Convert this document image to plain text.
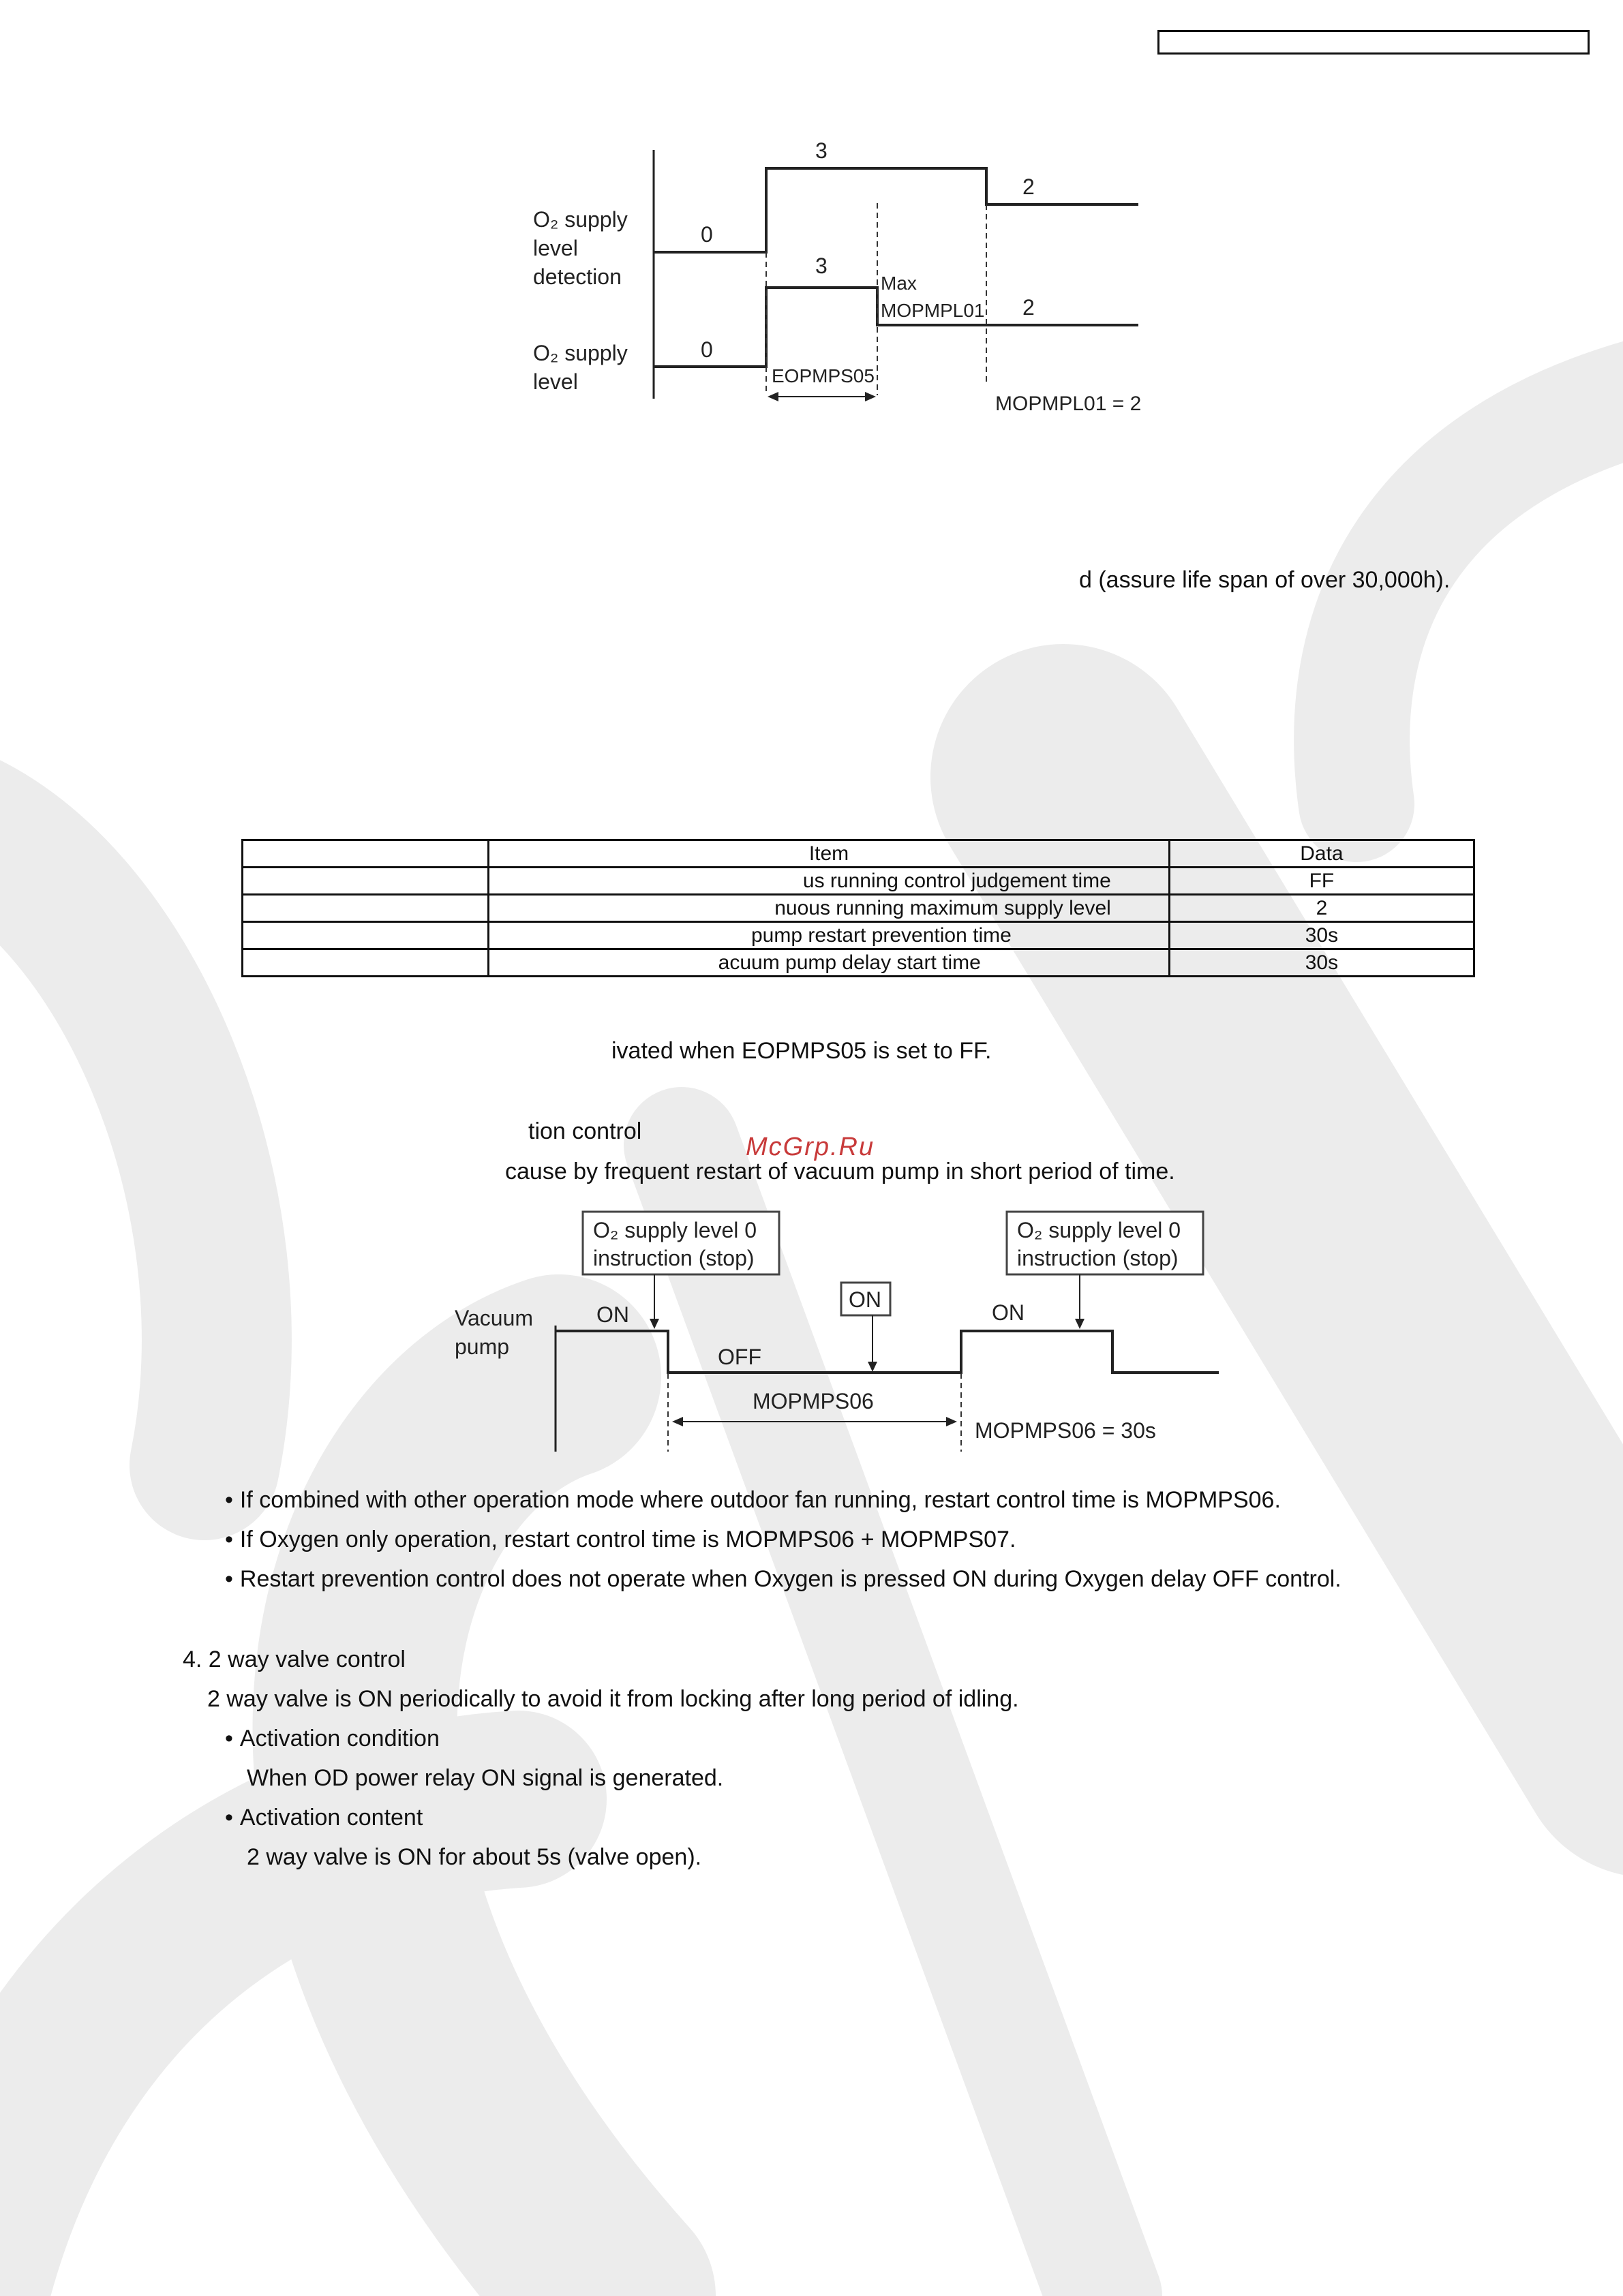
O₂ supply
level
detection
O₂ supply
level
0
3
2
0
3
2
Max
MOPMPL01
EOPMPS05
MOPMPL01 = 2
d (assure life span of over 30,000h).
	Item	Data
	us running control judgement time	FF
	nuous running maximum supply level	2
	pump restart prevention time	30s
	acuum pump delay start time	30s
ivated when EOPMPS05 is set to FF.
tion control
McGrp.Ru
cause by frequent restart of vacuum pump in short period of time.
O₂ supply level 0
instruction (stop)
O₂ supply level 0
instruction (stop)
ON
Vacuum
pump
ON
OFF
ON
MOPMPS06
MOPMPS06 = 30s
• If combined with other operation mode where outdoor fan running, restart control time is MOPMPS06.
• If Oxygen only operation, restart control time is MOPMPS06 + MOPMPS07.
• Restart prevention control does not operate when Oxygen is pressed ON during Oxygen delay OFF control.
4. 2 way valve control
2 way valve is ON periodically to avoid it from locking after long period of idling.
• Activation condition
When OD power relay ON signal is generated.
• Activation content
2 way valve is ON for about 5s (valve open).
